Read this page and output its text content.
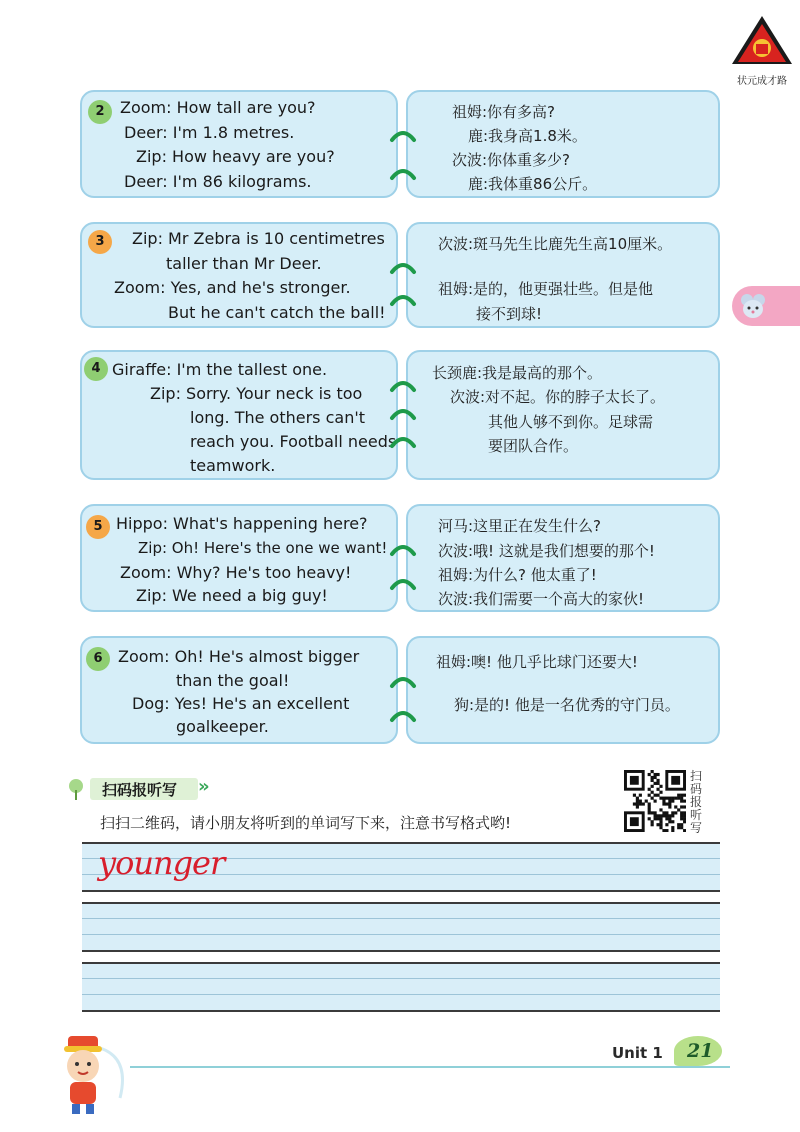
状元成才路
2 Zoom: How tall are you?
Deer: I'm 1.8 metres.
Zip: How heavy are you?
Deer: I'm 86 kilograms.
祖姆:你有多高?
鹿:我身高1.8米。
次波:你体重多少?
鹿:我体重86公斤。
3	Zip: Mr Zebra is 10 centimetres
taller than Mr Deer.
Zoom: Yes, and he's stronger.
But he can't catch the ball!
次波:斑马先生比鹿先生高10厘米。
祖姆:是的，他更强壮些。但是他
接不到球!
4 Giraffe: I'm the tallest one.
Zip: Sorry. Your neck is too
long. The others can't
reach you. Football needs
teamwork.
长颈鹿:我是最高的那个。
次波:对不起。你的脖子太长了。
其他人够不到你。足球需
要团队合作。
5 Hippo: What's happening here?
Zip: Oh! Here's the one we want!
Zoom: Why? He's too heavy!
Zip: We need a big guy!
河马:这里正在发生什么?
次波:哦! 这就是我们想要的那个!
祖姆:为什么? 他太重了!
次波:我们需要一个高大的家伙!
6 Zoom: Oh! He's almost bigger
than the goal!
Dog: Yes! He's an excellent
goalkeeper.
祖姆:噢! 他几乎比球门还要大!
狗:是的! 他是一名优秀的守门员。
扫码报听写 »
扫扫二维码，请小朋友将听到的单词写下来，注意书写格式哟!
扫码报听写
younger
Unit 1 21
